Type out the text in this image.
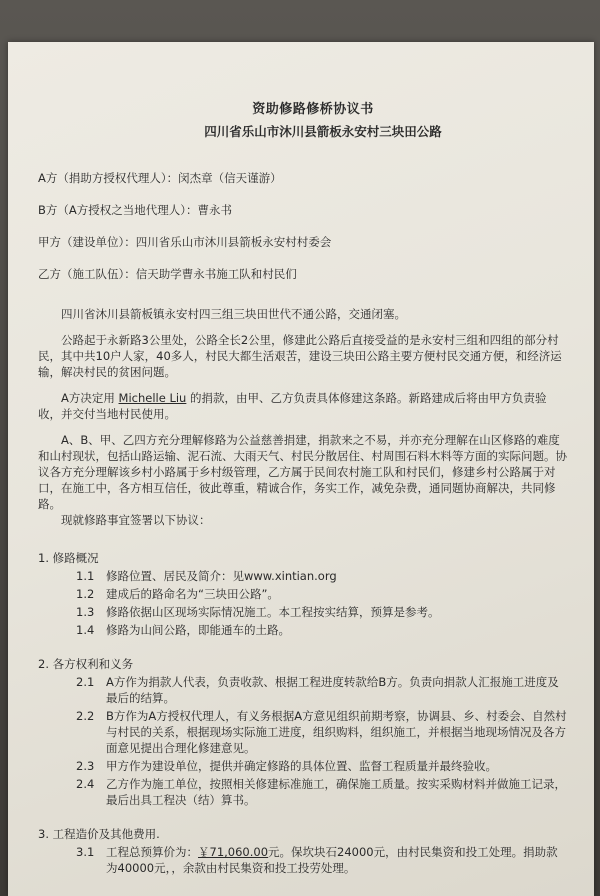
资助修路修桥协议书
四川省乐山市沐川县箭板永安村三块田公路
A方（捐助方授权代理人）：闵杰章（信天谨游）
B方（A方授权之当地代理人）：曹永书
甲方（建设单位）：四川省乐山市沐川县箭板永安村村委会
乙方（施工队伍）：信天助学曹永书施工队和村民们
四川省沐川县箭板镇永安村四三组三块田世代不通公路，交通闭塞。
公路起于永新路3公里处，公路全长2公里，修建此公路后直接受益的是永安村三组和四组的部分村民，其中共10户人家，40多人，村民大都生活艰苦，建设三块田公路主要方便村民交通方便，和经济运输，解决村民的贫困问题。
A方决定用 Michelle Liu 的捐款，由甲、乙方负责具体修建这条路。新路建成后将由甲方负责验收，并交付当地村民使用。
A、B、甲、乙四方充分理解修路为公益慈善捐建，捐款来之不易，并亦充分理解在山区修路的难度和山村现状，包括山路运输、泥石流、大雨天气、村民分散居住、村周围石料木料等方面的实际问题。协议各方充分理解该乡村小路属于乡村级管理，乙方属于民间农村施工队和村民们，修建乡村公路属于对口，在施工中，各方相互信任，彼此尊重，精诚合作，务实工作，减免杂费，通同题协商解决，共同修路。
现就修路事宜签署以下协议：
1. 修路概况
1.1 修路位置、居民及简介：见www.xintian.org
1.2 建成后的路命名为“三块田公路”。
1.3 修路依据山区现场实际情况施工。本工程按实结算，预算是参考。
1.4 修路为山间公路，即能通车的土路。
2. 各方权利和义务
2.1 A方作为捐款人代表，负责收款、根据工程进度转款给B方。负责向捐款人汇报施工进度及最后的结算。
2.2 B方作为A方授权代理人，有义务根据A方意见组织前期考察，协调县、乡、村委会、自然村与村民的关系，根据现场实际施工进度，组织购料，组织施工，并根据当地现场情况及各方面意见提出合理化修建意见。
2.3 甲方作为建设单位，提供并确定修路的具体位置、监督工程质量并最终验收。
2.4 乙方作为施工单位，按照相关修建标准施工，确保施工质量。按实采购材料并做施工记录，最后出具工程决（结）算书。
3. 工程造价及其他费用.
3.1 工程总预算价为：￥71,060.00元。保坎块石24000元，由村民集资和投工处理。捐助款为40000元，，余款由村民集资和投工投劳处理。
